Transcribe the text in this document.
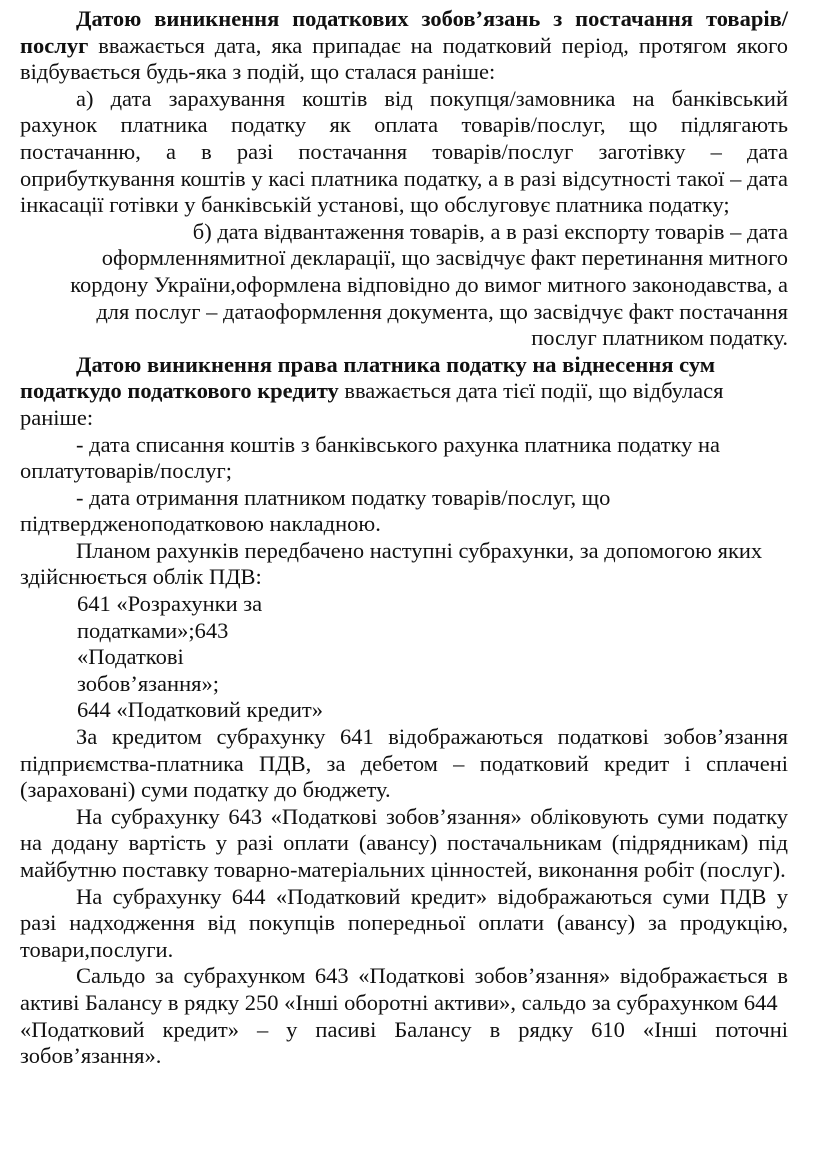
Датою виникнення податкових зобов’язань з постачання товарів/послуг вважається дата, яка припадає на податковий період, протягом якого відбувається будь-яка з подій, що сталася раніше:

а) дата зарахування коштів від покупця/замовника на банківський рахунок платника податку як оплата товарів/послуг, що підлягають постачанню, а в разі постачання товарів/послуг заготівку – дата оприбуткування коштів у касі платника податку, а в разі відсутності такої – дата інкасації готівки у банківській установі, що обслуговує платника податку;

б) дата відвантаження товарів, а в разі експорту товарів – дата

оформленнямитної декларації, що засвідчує факт перетинання митного

кордону України,оформлена відповідно до вимог митного законодавства, а

для послуг – датаоформлення документа, що засвідчує факт постачання

послуг платником податку.

Датою виникнення права платника податку на віднесення сум податкудо податкового кредиту вважається дата тієї події, що відбулася раніше:

- дата списання коштів з банківського рахунка платника податку на оплатутоварів/послуг;

- дата отримання платником податку товарів/послуг, що підтвердженоподатковою накладною.

Планом рахунків передбачено наступні субрахунки, за допомогою яких здійснюється облік ПДВ:

641 «Розрахунки за

податками»;643

«Податкові

зобов’язання»;

644 «Податковий кредит»

За кредитом субрахунку 641 відображаються податкові зобов’язання підприємства-платника ПДВ, за дебетом – податковий кредит і сплачені (зараховані) суми податку до бюджету.

На субрахунку 643 «Податкові зобов’язання» обліковують суми податку на додану вартість у разі оплати (авансу) постачальникам (підрядникам) під майбутню поставку товарно-матеріальних цінностей, виконання робіт (послуг).

На субрахунку 644 «Податковий кредит» відображаються суми ПДВ у разі надходження від покупців попередньої оплати (авансу) за продукцію, товари,послуги.

Сальдо за субрахунком 643 «Податкові зобов’язання» відображається в активі Балансу в рядку 250 «Інші оборотні активи», сальдо за субрахунком 644

«Податковий кредит» – у пасиві Балансу в рядку 610 «Інші поточні зобов’язання».
